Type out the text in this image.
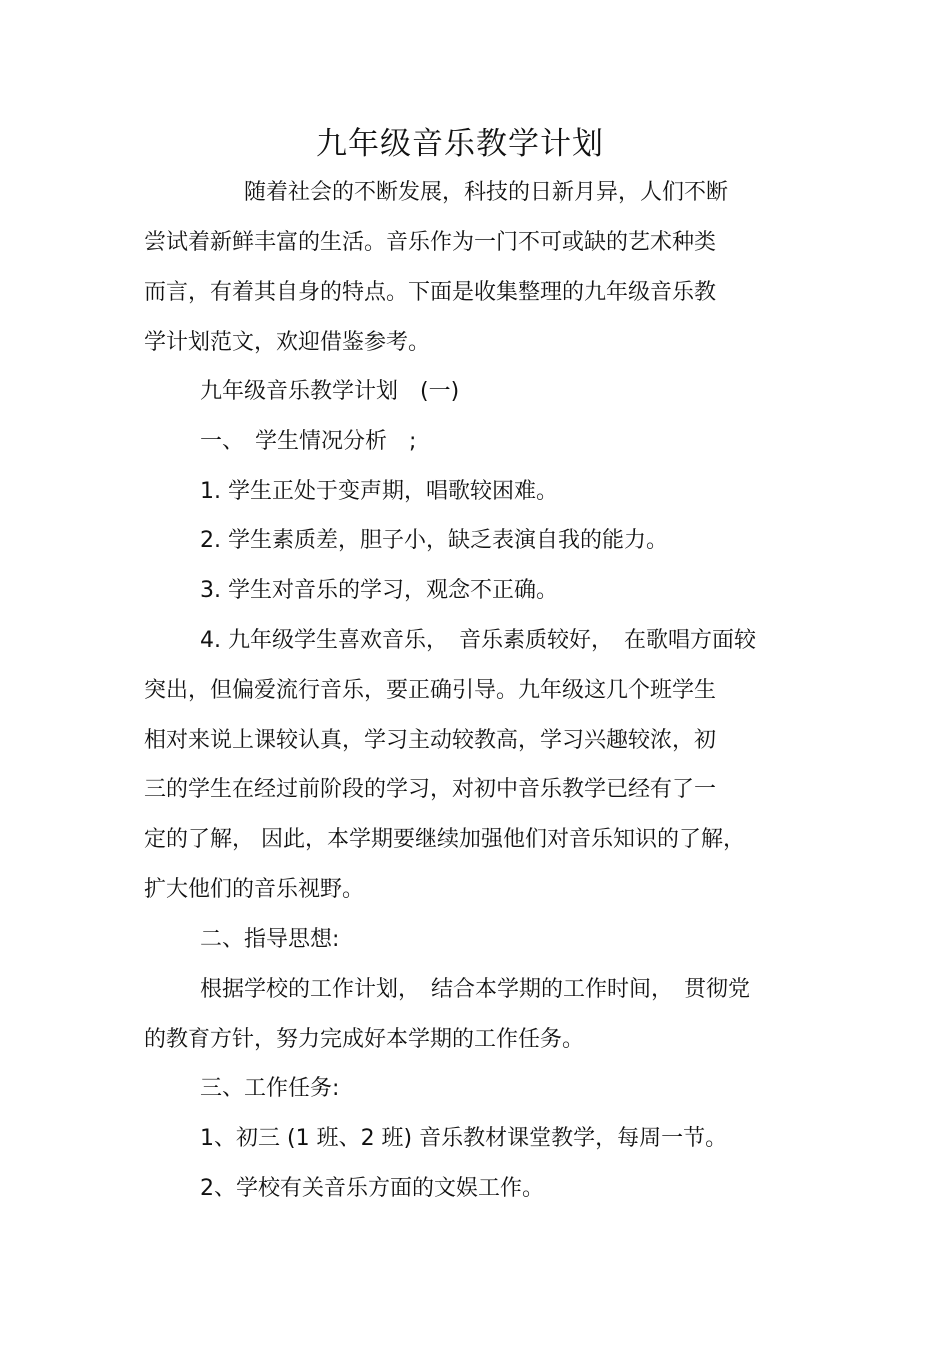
九年级音乐教学计划

随着社会的不断发展，科技的日新月异，人们不断

尝试着新鲜丰富的生活。音乐作为一门不可或缺的艺术种类

而言，有着其自身的特点。下面是收集整理的九年级音乐教

学计划范文，欢迎借鉴参考。

九年级音乐教学计划　(一)

一、　学生情况分析　;

1. 学生正处于变声期，唱歌较困难。

2. 学生素质差，胆子小，缺乏表演自我的能力。

3. 学生对音乐的学习，观念不正确。

4. 九年级学生喜欢音乐，　音乐素质较好，　在歌唱方面较

突出，但偏爱流行音乐，要正确引导。九年级这几个班学生

相对来说上课较认真，学习主动较教高，学习兴趣较浓，初

三的学生在经过前阶段的学习，对初中音乐教学已经有了一

定的了解， 因此，本学期要继续加强他们对音乐知识的了解，

扩大他们的音乐视野。

二、指导思想:

根据学校的工作计划，　结合本学期的工作时间，　贯彻党

的教育方针，努力完成好本学期的工作任务。

三、工作任务:

1、初三 (1 班、2 班) 音乐教材课堂教学，每周一节。

2、学校有关音乐方面的文娱工作。
